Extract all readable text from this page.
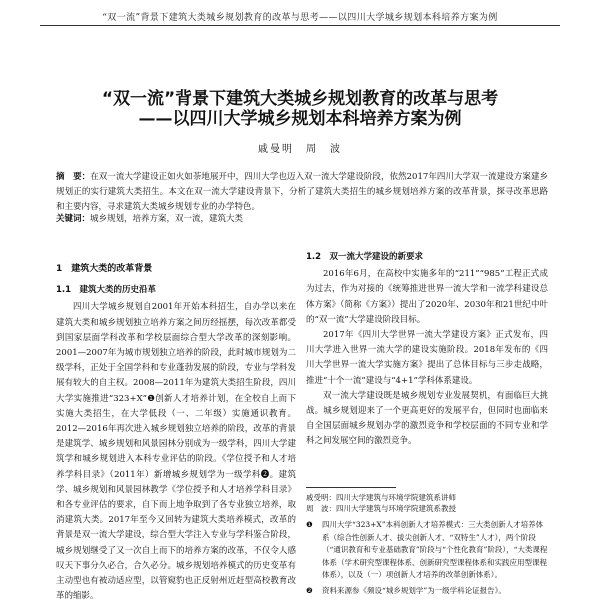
“双一流”背景下建筑大类城乡规划教育的改革与思考——以四川大学城乡规划本科培养方案为例
“双一流”背景下建筑大类城乡规划教育的改革与思考
——以四川大学城乡规划本科培养方案为例
戚曼明　周　波
摘　要：在双一流大学建设正如火如荼地展开中，四川大学也迈入双一流大学建设阶段，依然2017年四川大学双一流建设方案建乡规划正的实行建筑大类招生。本文在双一流大学建设背景下，分析了建筑大类招生的城乡规划培养方案的改革背景，探寻改革思路和主要内容，寻求建筑大类城乡规划专业的办学特色。
关键词：城乡规划，培养方案，双一流，建筑大类
1　建筑大类的改革背景
1.1　建筑大类的历史沿革

四川大学城乡规划自2001年开始本科招生，自办学以来在建筑大类和城乡规划独立培养方案之间历经摇摆，每次改革都受到国家层面学科改革和学校层面综合型大学改革的深刻影响。2001—2007年为城市规划独立培养的阶段，此时城市规划为二级学科，正处于全国学科和专业蓬勃发展的阶段，专业与学科发展有较大的自主权。2008—2011年为建筑大类招生阶段，四川大学实施推进“323+X”❶创新人才培养计划，在全校自上而下实施大类招生，在大学低段（一、二年级）实施通识教育。2012—2016年再次进入城乡规划独立培养的阶段，改革的背景是建筑学、城乡规划和风景园林分别成为一级学科，四川大学建筑学和城乡规划进入本科专业评估的阶段。《学位授予和人才培养学科目录》（2011年）新增城乡规划学为一级学科❷。建筑学、城乡规划和风景园林教学《学位授予和人才培养学科目录》和各专业评估的要求，自下而上地争取到了各专业独立培养，取消建筑大类。2017年至今又回转为建筑大类培养模式，改革的背景是双一流大学建设，综合型大学注入专业与学科鉴合阶段，城乡规划继受了又一次自上而下的培养方案的改革，不仅令人感叹天下事分久必合，合久必分。城乡规划培养模式的历史变革有主动型也有被动适应型，以管窥豹也正反射州近赶型高校教育改革的缩影。

1.2　双一流大学建设的新要求

2016年6月，在高校中实施多年的“211”“985”工程正式成为过去，作为对接的《统筹推进世界一流大学和一流学科建设总体方案》（简称《方案》）提出了2020年、2030年和21世纪中叶的“双一流”大学建设阶段目标。

2017年《四川大学世界一流大学建设方案》正式发布，四川大学进入世界一流大学的建设实施阶段。2018年发布的《四川大学世界一流大学实施方案》提出了总体目标与三步走战略，推进“十个一流”建设与“4+1”学科体系建设。

双一流大学建设既是城乡规划专业发展契机，有面临巨大挑战。城乡规划迎来了一个更高更好的发展平台，但同时也面临来自全国层面城乡规划办学的激烈竞争和学校层面的不同专业和学科之间发展空间的激烈竞争。

戚受明：四川大学建筑与环境学院建筑系讲师
周　波：四川大学建筑与环境学院建筑系教授
❶	四川大学“323+X”本科创新人才培养模式：三大类创新人才培养体系（综合性创新人才、拔尖创新人才、“双特生”人才），两个阶段（“通识教育和专业基础教育”阶段与“个性化教育”阶段），“大类课程体系（学术研究型课程体系、创新研究型课程体系和实践应用型课程体系），以及（一）项创新人才培养的改革创新体系）。
❷	资料来源参《频设“城乡规划学”为一级学科论证报告》。
